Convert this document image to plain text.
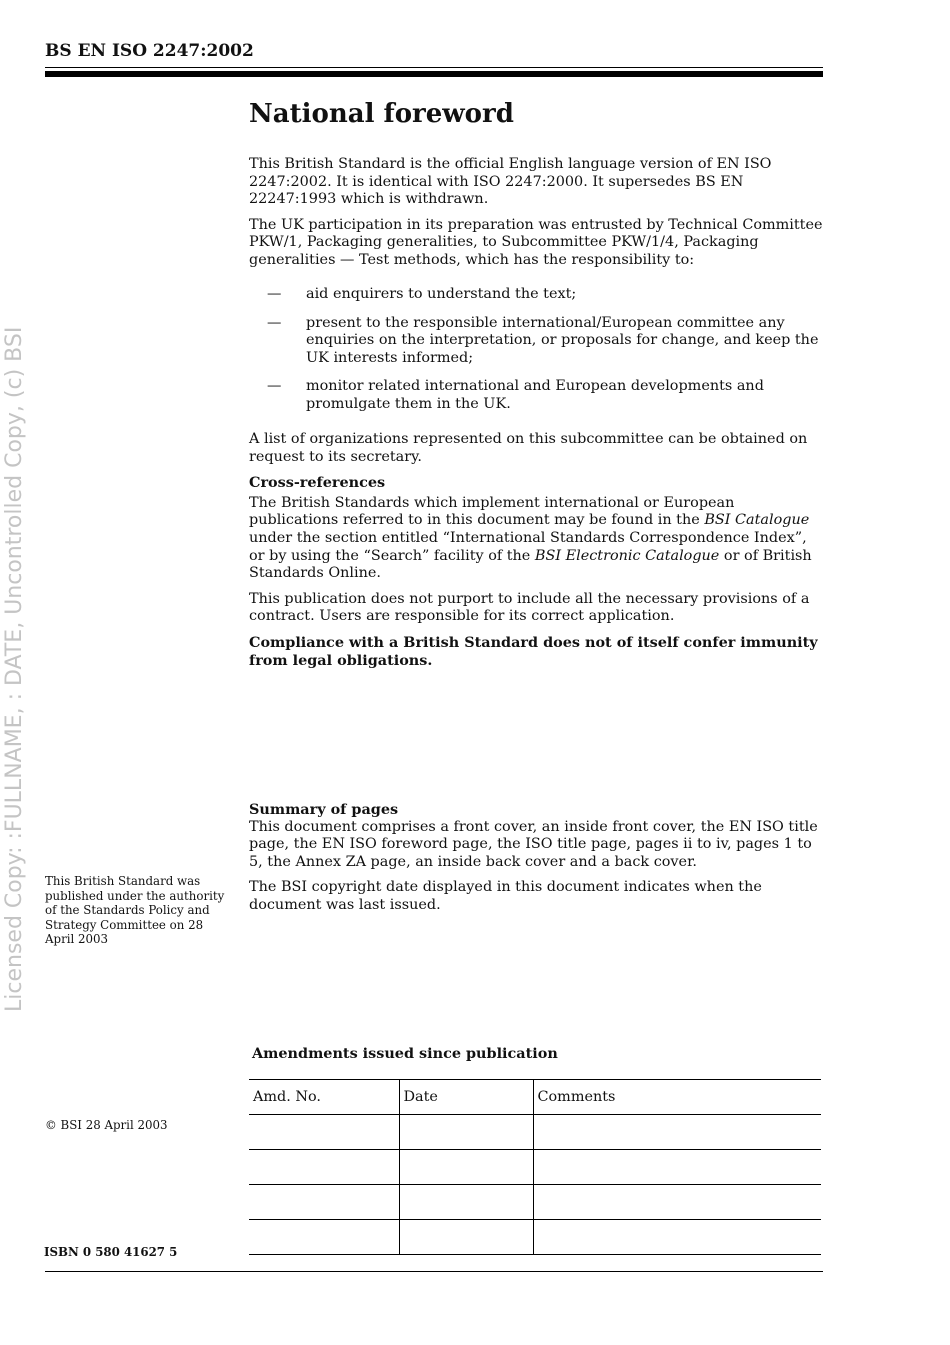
BS EN ISO 2247:2002
Licensed Copy: :FULLNAME, : DATE, Uncontrolled Copy, (c) BSI
National foreword

This British Standard is the official English language version of EN ISO 2247:2002. It is identical with ISO 2247:2000. It supersedes BS EN 22247:1993 which is withdrawn.

The UK participation in its preparation was entrusted by Technical Committee PKW/1, Packaging generalities, to Subcommittee PKW/1/4, Packaging generalities — Test methods, which has the responsibility to:

—	aid enquirers to understand the text;
—	present to the responsible international/European committee any enquiries on the interpretation, or proposals for change, and keep the UK interests informed;
—	monitor related international and European developments and promulgate them in the UK.

A list of organizations represented on this subcommittee can be obtained on request to its secretary.

Cross-references

The British Standards which implement international or European publications referred to in this document may be found in the BSI Catalogue under the section entitled “International Standards Correspondence Index”, or by using the “Search” facility of the BSI Electronic Catalogue or of British Standards Online.

This publication does not purport to include all the necessary provisions of a contract. Users are responsible for its correct application.

Compliance with a British Standard does not of itself confer immunity from legal obligations.

Summary of pages

This document comprises a front cover, an inside front cover, the EN ISO title page, the EN ISO foreword page, the ISO title page, pages ii to iv, pages 1 to 5, the Annex ZA page, an inside back cover and a back cover.

The BSI copyright date displayed in this document indicates when the document was last issued.

This British Standard was published under the authority of the Standards Policy and Strategy Committee on 28 April 2003
© BSI 28 April 2003
Amendments issued since publication
Amd. No.	Date	Comments

ISBN 0 580 41627 5
